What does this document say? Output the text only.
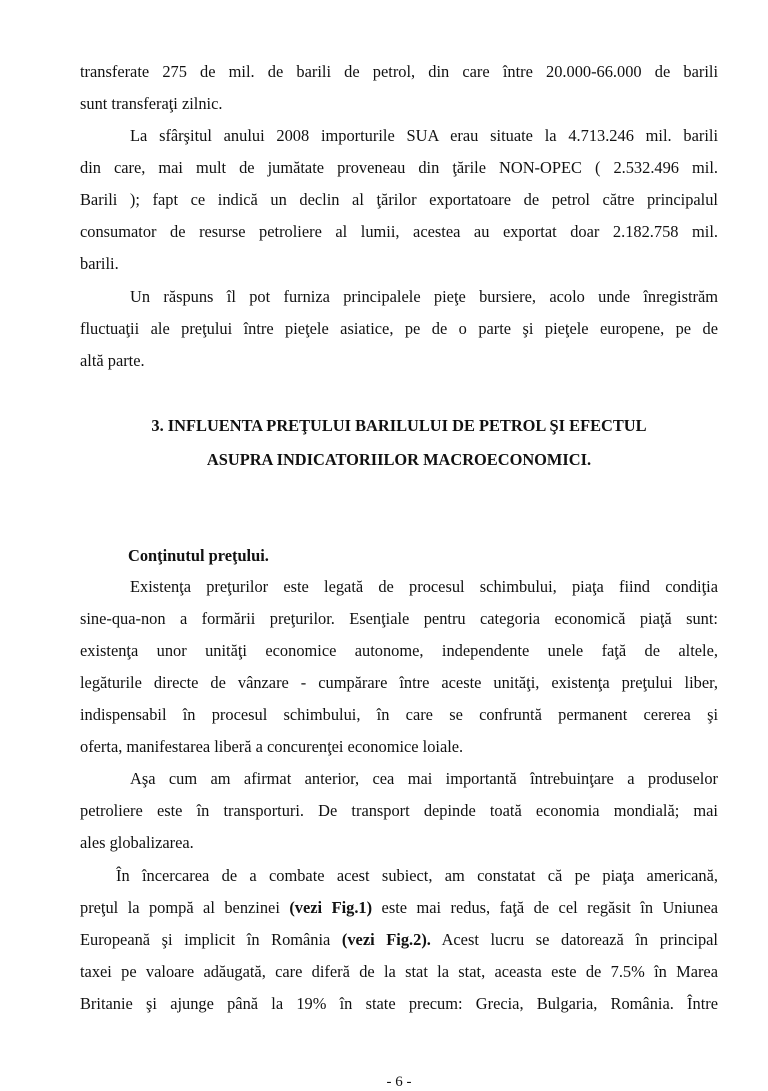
transferate 275 de mil. de barili de petrol, din care între 20.000-66.000 de barili
sunt transferaţi zilnic.
La sfârşitul anului 2008 importurile SUA erau situate la 4.713.246 mil. barili
din care, mai mult de jumătate proveneau din ţările NON-OPEC ( 2.532.496 mil.
Barili ); fapt ce indică un declin al ţărilor exportatoare de petrol către principalul
consumator de resurse petroliere al lumii, acestea au exportat doar 2.182.758 mil.
barili.
Un răspuns îl pot furniza principalele pieţe bursiere, acolo unde înregistrăm
fluctuaţii ale preţului între pieţele asiatice, pe de o parte şi pieţele europene, pe de
altă parte.
3. INFLUENTA PREŢULUI BARILULUI DE PETROL ŞI EFECTUL
ASUPRA INDICATORIILOR MACROECONOMICI.
Conţinutul preţului.
Existenţa preţurilor este legată de procesul schimbului, piaţa fiind condiţia
sine-qua-non a formării preţurilor. Esenţiale pentru categoria economică piaţă sunt:
existenţa unor unităţi economice autonome, independente unele faţă de altele,
legăturile directe de vânzare - cumpărare între aceste unităţi, existenţa preţului liber,
indispensabil în procesul schimbului, în care se confruntă permanent cererea şi
oferta, manifestarea liberă a concurenţei economice loiale.
Aşa cum am afirmat anterior, cea mai importantă întrebuinţare a produselor
petroliere este în transporturi. De transport depinde toată economia mondială; mai
ales globalizarea.
În încercarea de a combate acest subiect, am constatat că pe piaţa americană,
preţul la pompă al benzinei (vezi Fig.1) este mai redus, faţă de cel regăsit în Uniunea
Europeană şi implicit în România (vezi Fig.2). Acest lucru se datorează în principal
taxei pe valoare adăugată, care diferă de la stat la stat, aceasta este de 7.5% în Marea
Britanie şi ajunge până la 19% în state precum: Grecia, Bulgaria, România. Între
- 6 -
